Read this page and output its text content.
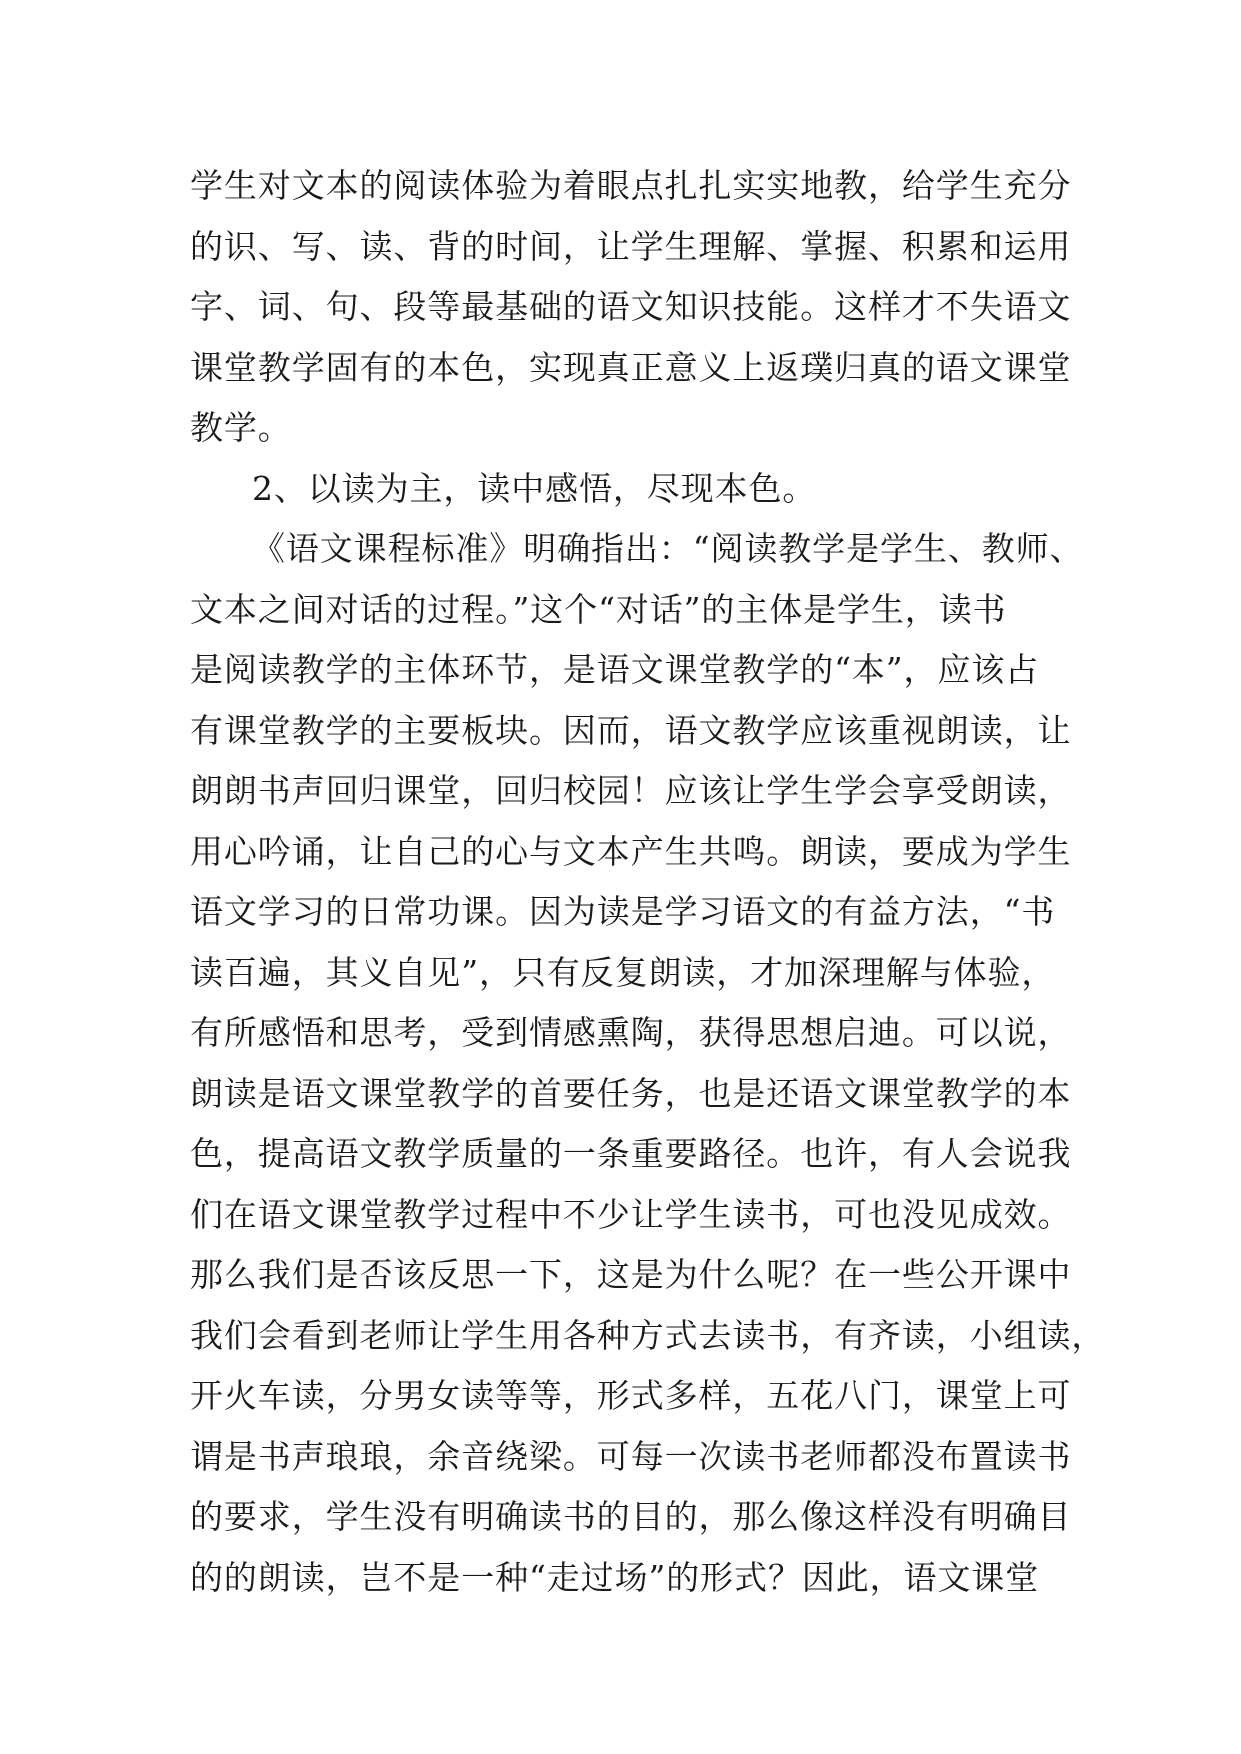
学生对文本的阅读体验为着眼点扎扎实实地教，给学生充分
的识、写、读、背的时间，让学生理解、掌握、积累和运用
字、词、句、段等最基础的语文知识技能。这样才不失语文
课堂教学固有的本色，实现真正意义上返璞归真的语文课堂
教学。
2、以读为主，读中感悟，尽现本色。
《语文课程标准》明确指出：“阅读教学是学生、教师、
文本之间对话的过程。”这个“对话”的主体是学生，读书
是阅读教学的主体环节，是语文课堂教学的“本”，应该占
有课堂教学的主要板块。因而，语文教学应该重视朗读，让
朗朗书声回归课堂，回归校园！应该让学生学会享受朗读，
用心吟诵，让自己的心与文本产生共鸣。朗读，要成为学生
语文学习的日常功课。因为读是学习语文的有益方法，“书
读百遍，其义自见”，只有反复朗读，才加深理解与体验，
有所感悟和思考，受到情感熏陶，获得思想启迪。可以说，
朗读是语文课堂教学的首要任务，也是还语文课堂教学的本
色，提高语文教学质量的一条重要路径。也许，有人会说我
们在语文课堂教学过程中不少让学生读书，可也没见成效。
那么我们是否该反思一下，这是为什么呢？在一些公开课中
我们会看到老师让学生用各种方式去读书，有齐读，小组读，
开火车读，分男女读等等，形式多样，五花八门，课堂上可
谓是书声琅琅，余音绕梁。可每一次读书老师都没布置读书
的要求，学生没有明确读书的目的，那么像这样没有明确目
的的朗读，岂不是一种“走过场”的形式？因此，语文课堂
